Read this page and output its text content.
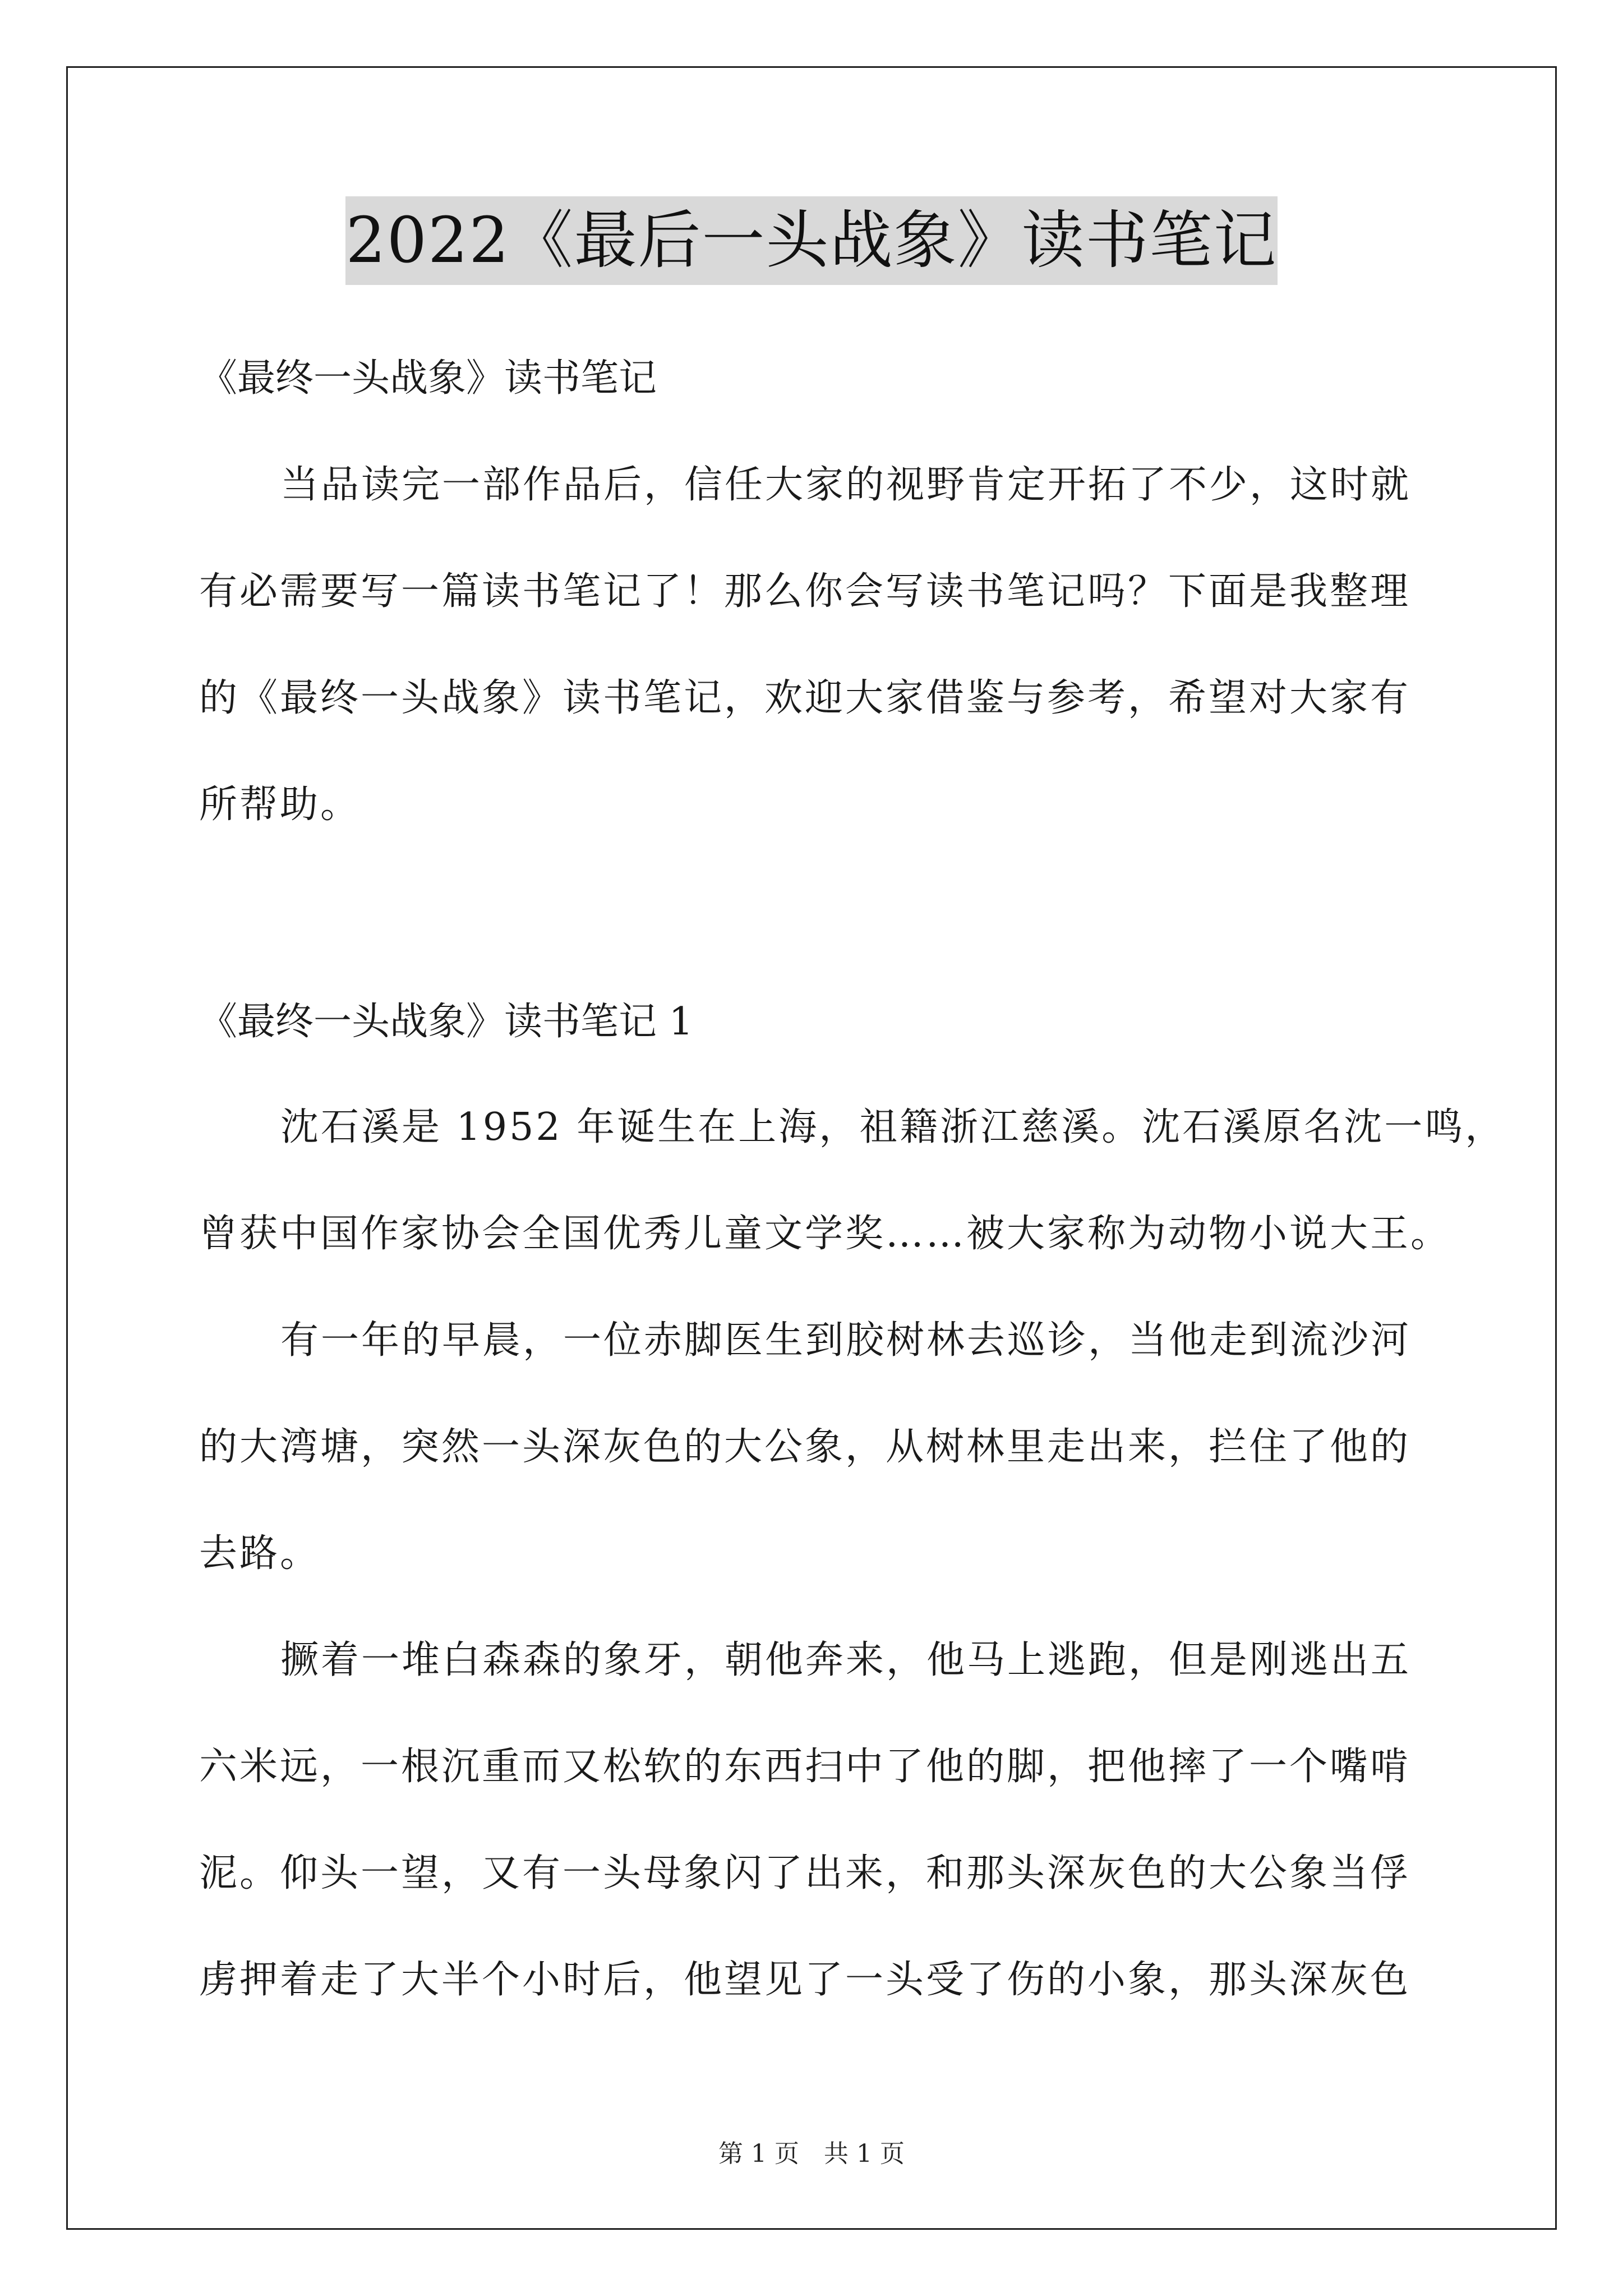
2022《最后一头战象》读书笔记
《最终一头战象》读书笔记
当品读完一部作品后，信任大家的视野肯定开拓了不少，这时就
有必需要写一篇读书笔记了！那么你会写读书笔记吗？下面是我整理
的《最终一头战象》读书笔记，欢迎大家借鉴与参考，希望对大家有
所帮助。
《最终一头战象》读书笔记 1
沈石溪是 1952 年诞生在上海，祖籍浙江慈溪。沈石溪原名沈一鸣，
曾获中国作家协会全国优秀儿童文学奖……被大家称为动物小说大王。
有一年的早晨，一位赤脚医生到胶树林去巡诊，当他走到流沙河
的大湾塘，突然一头深灰色的大公象，从树林里走出来，拦住了他的
去路。
撅着一堆白森森的象牙，朝他奔来，他马上逃跑，但是刚逃出五
六米远，一根沉重而又松软的东西扫中了他的脚，把他摔了一个嘴啃
泥。仰头一望，又有一头母象闪了出来，和那头深灰色的大公象当俘
虏押着走了大半个小时后，他望见了一头受了伤的小象，那头深灰色
第 1 页　共 1 页
